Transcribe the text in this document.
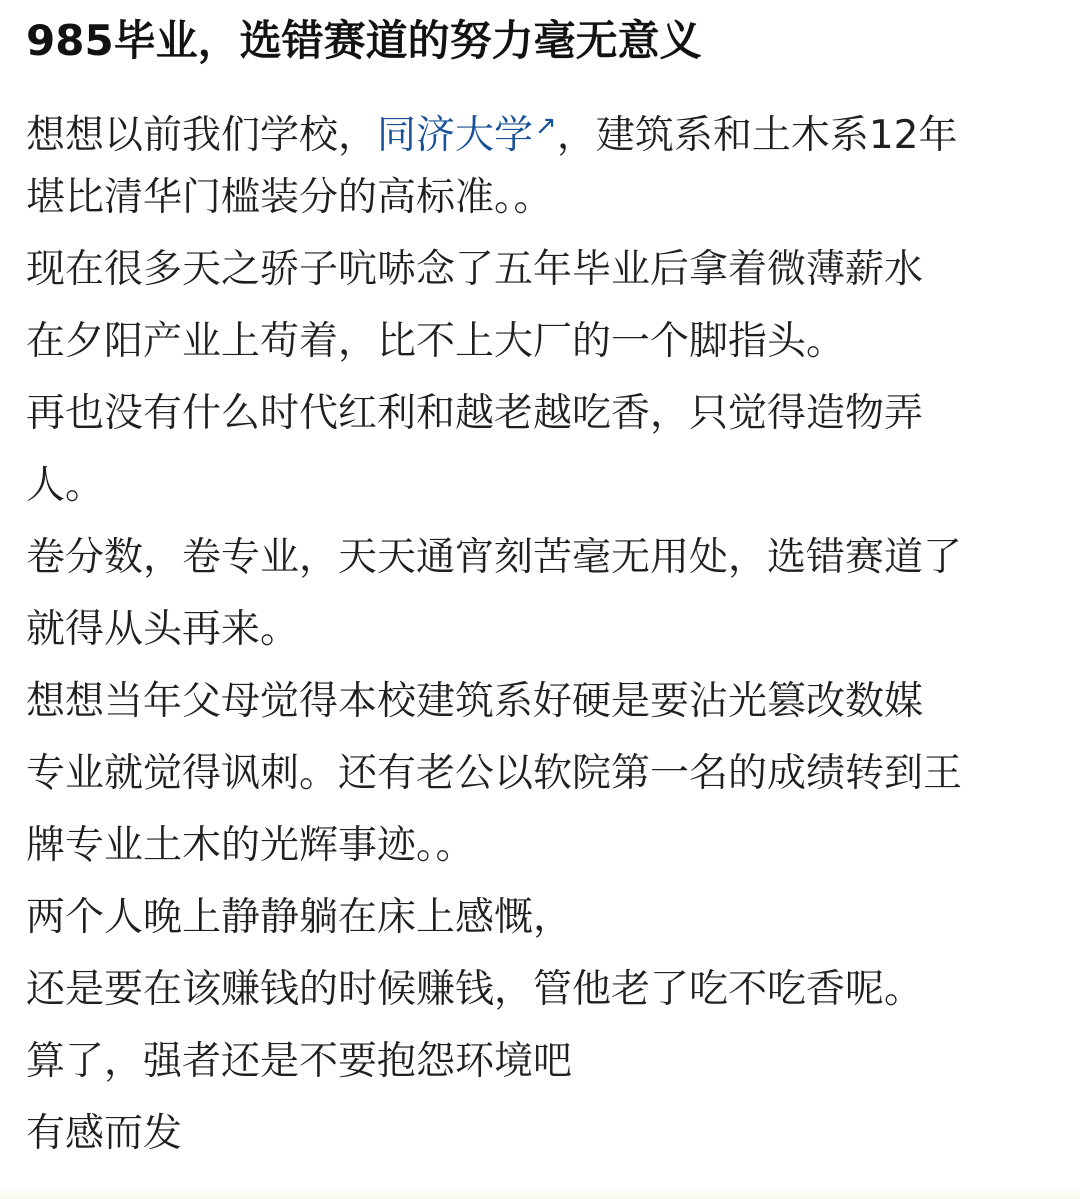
985毕业，选错赛道的努力毫无意义
想想以前我们学校，同济大学↗，建筑系和土木系12年
堪比清华门槛装分的高标准。。
现在很多天之骄子吭哧念了五年毕业后拿着微薄薪水
在夕阳产业上苟着，比不上大厂的一个脚指头。
再也没有什么时代红利和越老越吃香，只觉得造物弄
人。
卷分数，卷专业，天天通宵刻苦毫无用处，选错赛道了
就得从头再来。
想想当年父母觉得本校建筑系好硬是要沾光篡改数媒
专业就觉得讽刺。还有老公以软院第一名的成绩转到王
牌专业土木的光辉事迹。。
两个人晚上静静躺在床上感慨，
还是要在该赚钱的时候赚钱，管他老了吃不吃香呢。
算了，强者还是不要抱怨环境吧
有感而发
